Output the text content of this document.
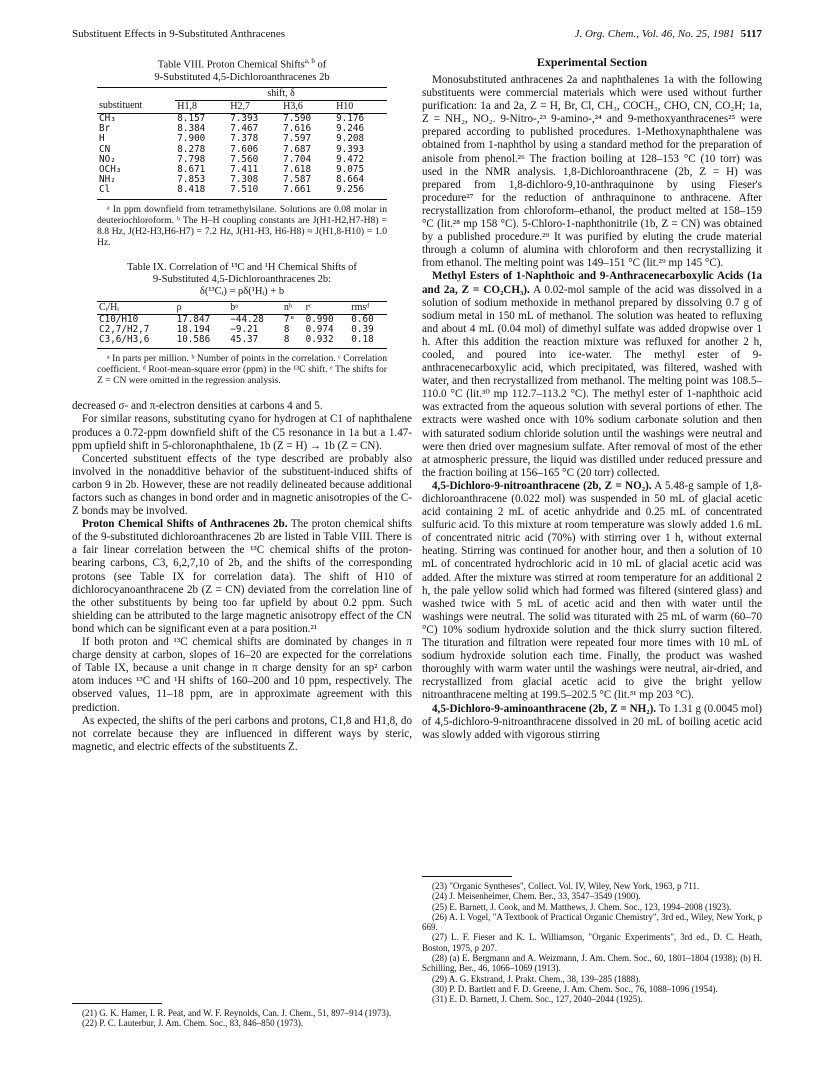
Substituent Effects in 9-Substituted Anthracenes	J. Org. Chem., Vol. 46, No. 25, 1981 5117
Table VIII. Proton Chemical Shifts$^{a, b}$ of
9-Substituted 4,5-Dichloroanthracenes 2b
	shift, δ			
substituent	H1,8	H2,7	H3,6	H10
CH₃	8.157	7.393	7.590	9.176
Br	8.384	7.467	7.616	9.246
H	7.900	7.378	7.597	9.208
CN	8.278	7.606	7.687	9.393
NO₂	7.798	7.560	7.704	9.472
OCH₃	8.671	7.411	7.618	9.075
NH₂	7.853	7.308	7.587	8.664
Cl	8.418	7.510	7.661	9.256
ᵃ In ppm downfield from tetramethylsilane. Solutions are 0.08 molar in deuteriochloroform. ᵇ The H–H coupling constants are J(H1-H2,H7-H8) = 8.8 Hz, J(H2-H3,H6-H7) = 7.2 Hz, J(H1-H3, H6-H8) ≈ J(H1,8-H10) = 1.0 Hz.
Table IX. Correlation of ¹³C and ¹H Chemical Shifts of
9-Substituted 4,5-Dichloroanthracenes 2b:
δ(¹³Cᵢ) = ρδ(¹Hᵢ) + b
Cᵢ/Hᵢ	ρ	bᵃ	nᵇ	rᶜ	rmsᵈ
C10/H10	17.847	−44.28	7ᵉ	0.990	0.60
C2,7/H2,7	18.194	−9.21	8	0.974	0.39
C3,6/H3,6	10.586	45.37	8	0.932	0.18
ᵃ In parts per million. ᵇ Number of points in the correlation. ᶜ Correlation coefficient. ᵈ Root-mean-square error (ppm) in the ¹³C shift. ᵉ The shifts for Z = CN were omitted in the regression analysis.

decreased σ- and π-electron densities at carbons 4 and 5.

For similar reasons, substituting cyano for hydrogen at C1 of naphthalene produces a 0.72-ppm downfield shift of the C5 resonance in 1a but a 1.47-ppm upfield shift in 5-chloronaphthalene, 1b (Z = H) → 1b (Z = CN).

Concerted substituent effects of the type described are probably also involved in the nonadditive behavior of the substituent-induced shifts of carbon 9 in 2b. However, these are not readily delineated because additional factors such as changes in bond order and in magnetic anisotropies of the C-Z bonds may be involved.

Proton Chemical Shifts of Anthracenes 2b. The proton chemical shifts of the 9-substituted dichloroanthracenes 2b are listed in Table VIII. There is a fair linear correlation between the ¹³C chemical shifts of the proton-bearing carbons, C3, 6,2,7,10 of 2b, and the shifts of the corresponding protons (see Table IX for correlation data). The shift of H10 of dichlorocyanoanthracene 2b (Z = CN) deviated from the correlation line of the other substituents by being too far upfield by about 0.2 ppm. Such shielding can be attributed to the large magnetic anisotropy effect of the CN bond which can be significant even at a para position.²¹

If both proton and ¹³C chemical shifts are dominated by changes in π charge density at carbon, slopes of 16–20 are expected for the correlations of Table IX, because a unit change in π charge density for an sp² carbon atom induces ¹³C and ¹H shifts of 160–200 and 10 ppm, respectively. The observed values, 11–18 ppm, are in approximate agreement with this prediction.

As expected, the shifts of the peri carbons and protons, C1,8 and H1,8, do not correlate because they are influenced in different ways by steric, magnetic, and electric effects of the substituents Z.

(21) G. K. Hamer, I. R. Peat, and W. F. Reynolds, Can. J. Chem., 51, 897–914 (1973).
(22) P. C. Lauterbur, J. Am. Chem. Soc., 83, 846–850 (1973).
Experimental Section

Monosubstituted anthracenes 2a and naphthalenes 1a with the following substituents were commercial materials which were used without further purification: 1a and 2a, Z = H, Br, Cl, CH₃, COCH₃, CHO, CN, CO₂H; 1a, Z = NH₂, NO₂. 9-Nitro-,²³ 9-amino-,²⁴ and 9-methoxyanthracenes²⁵ were prepared according to published procedures. 1-Methoxynaphthalene was obtained from 1-naphthol by using a standard method for the preparation of anisole from phenol.²⁶ The fraction boiling at 128–153 °C (10 torr) was used in the NMR analysis. 1,8-Dichloroanthracene (2b, Z = H) was prepared from 1,8-dichloro-9,10-anthraquinone by using Fieser's procedure²⁷ for the reduction of anthraquinone to anthracene. After recrystallization from chloroform–ethanol, the product melted at 158–159 °C (lit.²⁸ mp 158 °C). 5-Chloro-1-naphthonitrile (1b, Z = CN) was obtained by a published procedure.²⁹ It was purified by eluting the crude material through a column of alumina with chloroform and then recrystallizing it from ethanol. The melting point was 149–151 °C (lit.²⁹ mp 145 °C).

Methyl Esters of 1-Naphthoic and 9-Anthracenecarboxylic Acids (1a and 2a, Z = CO₂CH₃). A 0.02-mol sample of the acid was dissolved in a solution of sodium methoxide in methanol prepared by dissolving 0.7 g of sodium metal in 150 mL of methanol. The solution was heated to refluxing and about 4 mL (0.04 mol) of dimethyl sulfate was added dropwise over 1 h. After this addition the reaction mixture was refluxed for another 2 h, cooled, and poured into ice-water. The methyl ester of 9-anthracenecarboxylic acid, which precipitated, was filtered, washed with water, and then recrystallized from methanol. The melting point was 108.5–110.0 °C (lit.³⁰ mp 112.7–113.2 °C). The methyl ester of 1-naphthoic acid was extracted from the aqueous solution with several portions of ether. The extracts were washed once with 10% sodium carbonate solution and then with saturated sodium chloride solution until the washings were neutral and were then dried over magnesium sulfate. After removal of most of the ether at atmospheric pressure, the liquid was distilled under reduced pressure and the fraction boiling at 156–165 °C (20 torr) collected.

4,5-Dichloro-9-nitroanthracene (2b, Z = NO₂). A 5.48-g sample of 1,8-dichloroanthracene (0.022 mol) was suspended in 50 mL of glacial acetic acid containing 2 mL of acetic anhydride and 0.25 mL of concentrated sulfuric acid. To this mixture at room temperature was slowly added 1.6 mL of concentrated nitric acid (70%) with stirring over 1 h, without external heating. Stirring was continued for another hour, and then a solution of 10 mL of concentrated hydrochloric acid in 10 mL of glacial acetic acid was added. After the mixture was stirred at room temperature for an additional 2 h, the pale yellow solid which had formed was filtered (sintered glass) and washed twice with 5 mL of acetic acid and then with water until the washings were neutral. The solid was titurated with 25 mL of warm (60–70 °C) 10% sodium hydroxide solution and the thick slurry suction filtered. The tituration and filtration were repeated four more times with 10 mL of sodium hydroxide solution each time. Finally, the product was washed thoroughly with warm water until the washings were neutral, air-dried, and recrystallized from glacial acetic acid to give the bright yellow nitroanthracene melting at 199.5–202.5 °C (lit.³¹ mp 203 °C).

4,5-Dichloro-9-aminoanthracene (2b, Z = NH₂). To 1.31 g (0.0045 mol) of 4,5-dichloro-9-nitroanthracene dissolved in 20 mL of boiling acetic acid was slowly added with vigorous stirring

(23) "Organic Syntheses", Collect. Vol. IV, Wiley, New York, 1963, p 711.
(24) J. Meisenheimer, Chem. Ber., 33, 3547–3549 (1900).
(25) E. Barnett, J. Cook, and M. Matthews, J. Chem. Soc., 123, 1994–2008 (1923).
(26) A. I. Vogel, "A Textbook of Practical Organic Chemistry", 3rd ed., Wiley, New York, p 669.
(27) L. F. Fieser and K. L. Williamson, "Organic Experiments", 3rd ed., D. C. Heath, Boston, 1975, p 207.
(28) (a) E. Bergmann and A. Weizmann, J. Am. Chem. Soc., 60, 1801–1804 (1938); (b) H. Schilling, Ber., 46, 1066–1069 (1913).
(29) A. G. Ekstrand, J. Prakt. Chem., 38, 139–285 (1888).
(30) P. D. Bartlett and F. D. Greene, J. Am. Chem. Soc., 76, 1088–1096 (1954).
(31) E. D. Barnett, J. Chem. Soc., 127, 2040–2044 (1925).
